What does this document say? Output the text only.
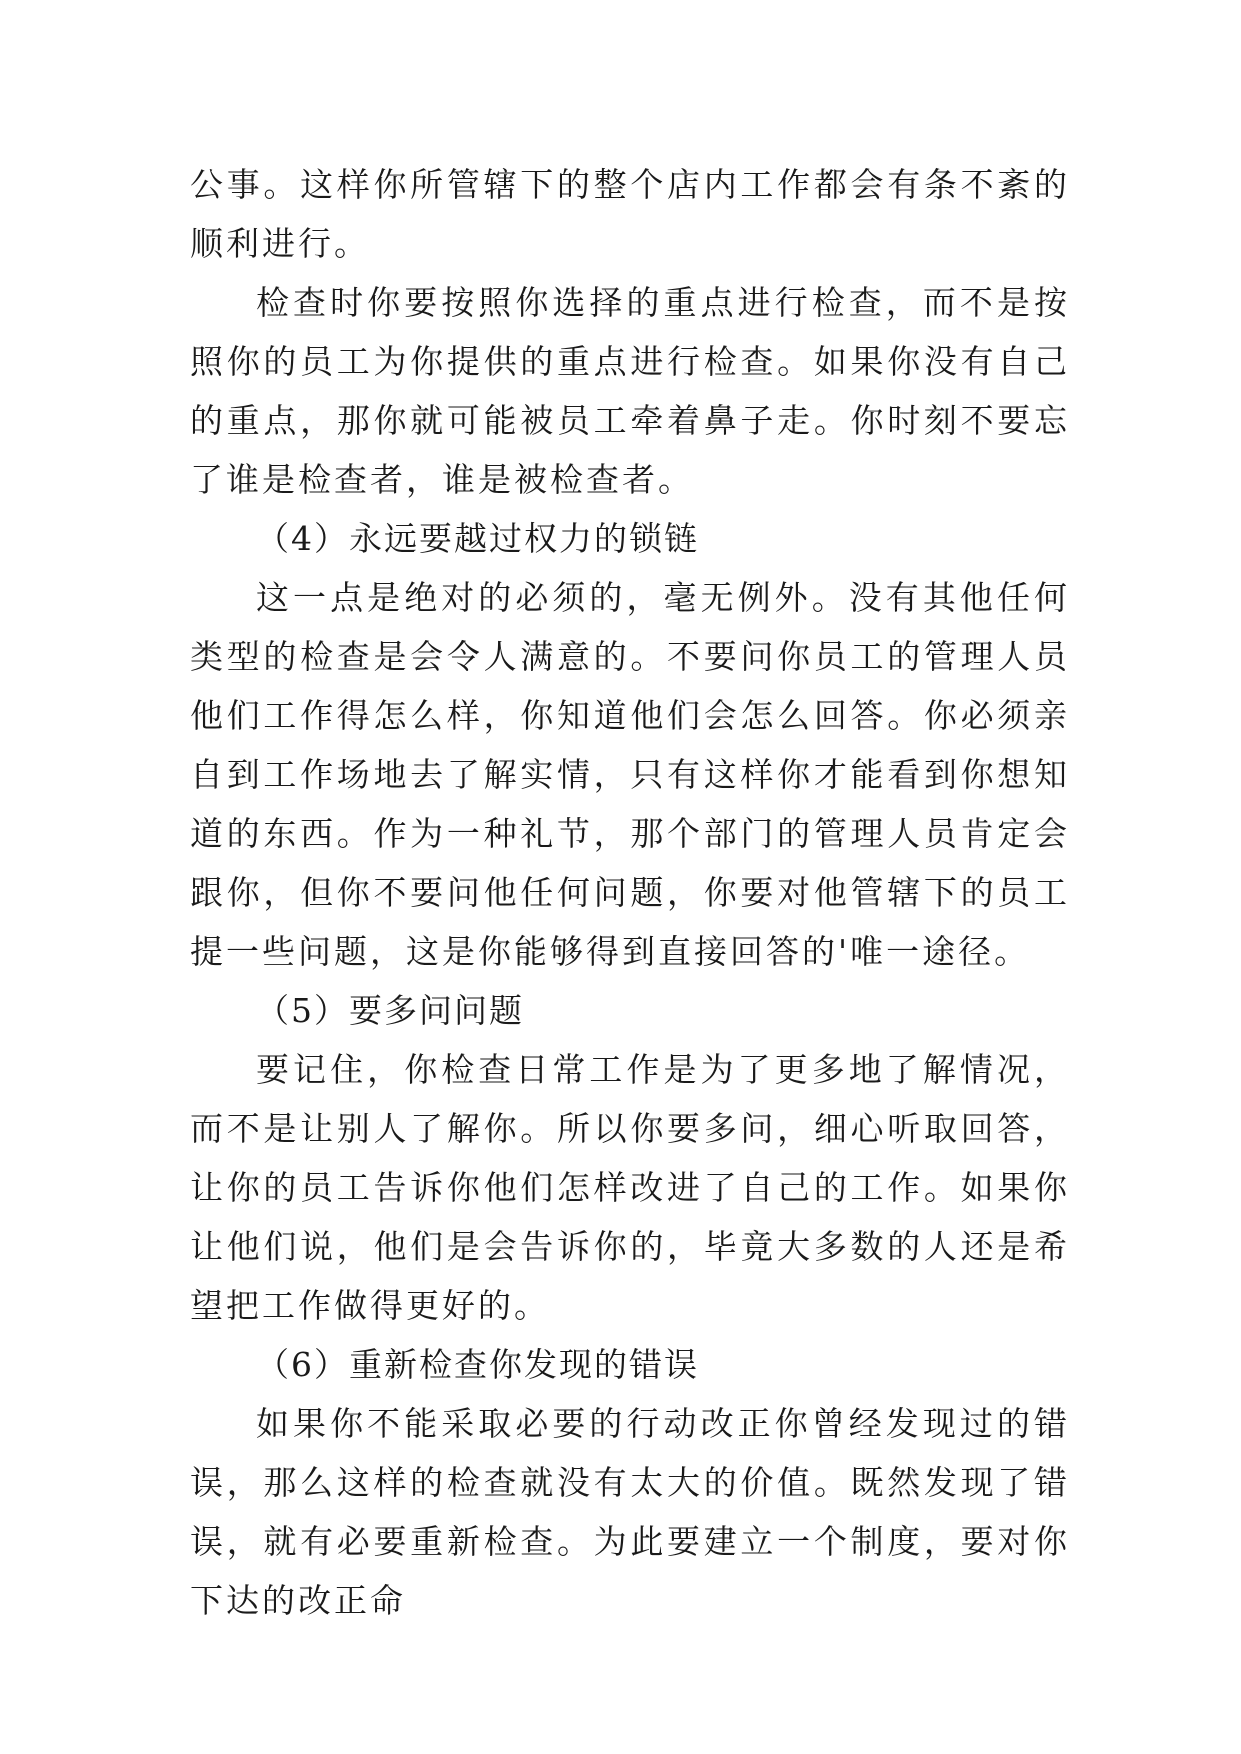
公事。这样你所管辖下的整个店内工作都会有条不紊的顺利进行。

检查时你要按照你选择的重点进行检查，而不是按照你的员工为你提供的重点进行检查。如果你没有自己的重点，那你就可能被员工牵着鼻子走。你时刻不要忘了谁是检查者，谁是被检查者。

（4）永远要越过权力的锁链

这一点是绝对的必须的，毫无例外。没有其他任何类型的检查是会令人满意的。不要问你员工的管理人员他们工作得怎么样，你知道他们会怎么回答。你必须亲自到工作场地去了解实情，只有这样你才能看到你想知道的东西。作为一种礼节，那个部门的管理人员肯定会跟你，但你不要问他任何问题，你要对他管辖下的员工提一些问题，这是你能够得到直接回答的'唯一途径。

（5）要多问问题

要记住，你检查日常工作是为了更多地了解情况，而不是让别人了解你。所以你要多问，细心听取回答，让你的员工告诉你他们怎样改进了自己的工作。如果你让他们说，他们是会告诉你的，毕竟大多数的人还是希望把工作做得更好的。

（6）重新检查你发现的错误

如果你不能采取必要的行动改正你曾经发现过的错误，那么这样的检查就没有太大的价值。既然发现了错误，就有必要重新检查。为此要建立一个制度，要对你下达的改正命
